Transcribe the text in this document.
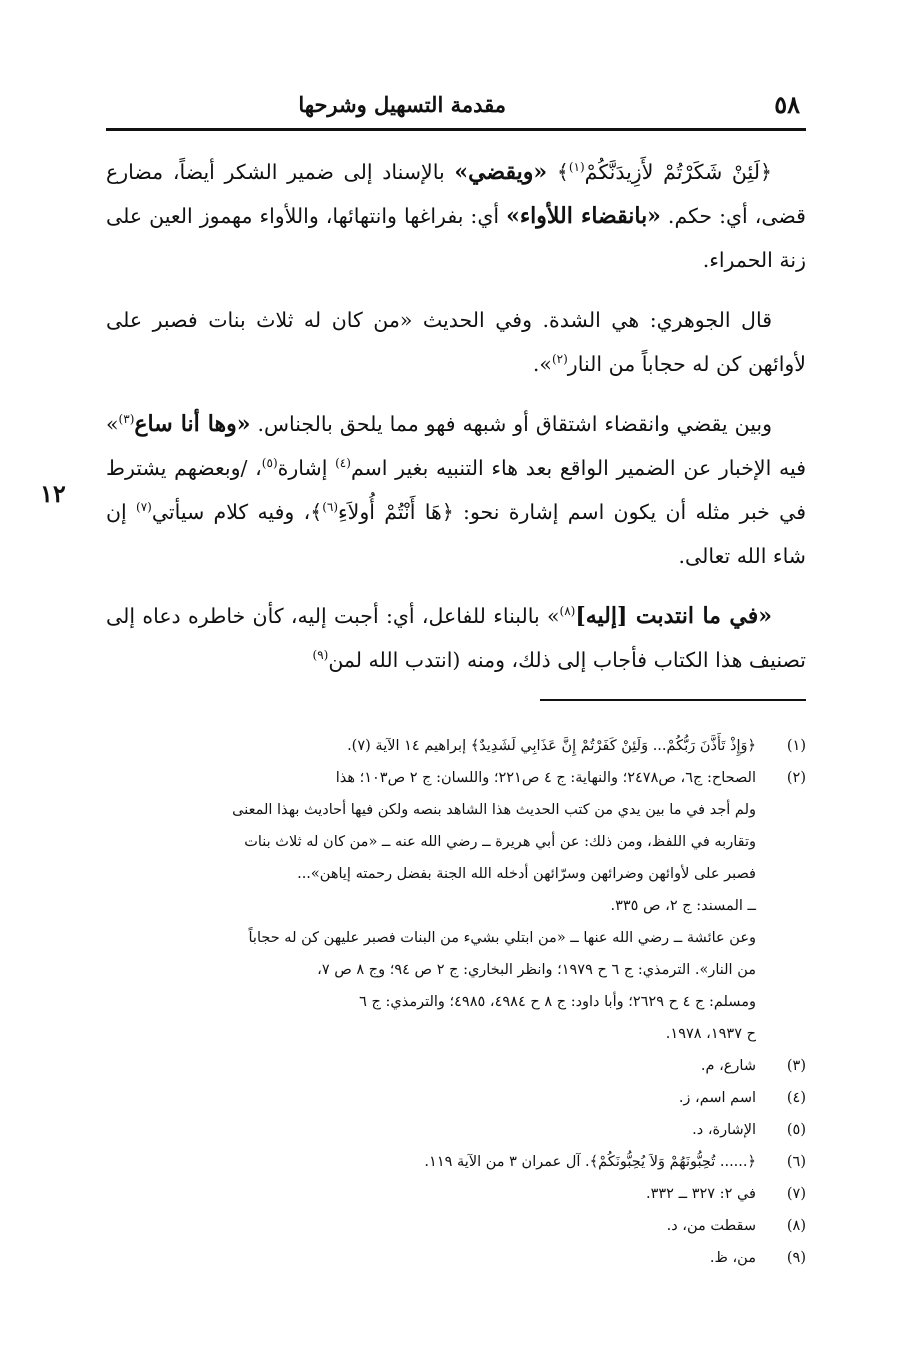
٥٨
مقدمة التسهيل وشرحها
١٢

﴿لَئِنْ شَكَرْتُمْ لأَزِيدَنَّكُمْ$^{(١)}$﴾ «ويقضي» بالإسناد إلى ضمير الشكر أيضاً، مضارع قضى، أي: حكم. «بانقضاء اللأواء» أي: بفراغها وانتهائها، واللأواء مهموز العين على زنة الحمراء.

قال الجوهري: هي الشدة. وفي الحديث «من كان له ثلاث بنات فصبر على لأوائهن كن له حجاباً من النار$^{(٢)}$».

وبين يقضي وانقضاء اشتقاق أو شبهه فهو مما يلحق بالجناس. «وها أنا ساع$^{(٣)}$» فيه الإخبار عن الضمير الواقع بعد هاء التنبيه بغير اسم$^{(٤)}$ إشارة$^{(٥)}$، /وبعضهم يشترط في خبر مثله أن يكون اسم إشارة نحو: ﴿هَا أَنْتُمْ أُولاَءِ$^{(٦)}$﴾، وفيه كلام سيأتي$^{(٧)}$ إن شاء الله تعالى.

«في ما انتدبت [إليه]$^{(٨)}$» بالبناء للفاعل، أي: أجبت إليه، كأن خاطره دعاه إلى تصنيف هذا الكتاب فأجاب إلى ذلك، ومنه (انتدب الله لمن$^{(٩)}$

(١)
﴿وَإِذْ تَأَذَّنَ رَبُّكُمْ... وَلَئِنْ كَفَرْتُمْ إِنَّ عَذَابِي لَشَدِيدٌ﴾ إبراهيم ١٤ الآية (٧).
(٢)
الصحاح: ج٦، ص٢٤٧٨؛ والنهاية: ج ٤ ص٢٢١؛ واللسان: ج ٢ ص١٠٣؛ هذا
ولم أجد في ما بين يدي من كتب الحديث هذا الشاهد بنصه ولكن فيها أحاديث بهذا المعنى
وتقاربه في اللفظ، ومن ذلك: عن أبي هريرة ــ رضي الله عنه ــ «من كان له ثلاث بنات
فصبر على لأوائهن وضرائهن وسرّائهن أدخله الله الجنة بفضل رحمته إياهن»...
ــ المسند: ج ٢، ص ٣٣٥.
وعن عائشة ــ رضي الله عنها ــ «من ابتلي بشيء من البنات فصبر عليهن كن له حجاباً
من النار». الترمذي: ج ٦ ح ١٩٧٩؛ وانظر البخاري: ج ٢ ص ٩٤؛ وج ٨ ص ٧،
ومسلم: ج ٤ ح ٢٦٢٩؛ وأبا داود: ج ٨ ح ٤٩٨٤، ٤٩٨٥؛ والترمذي: ج ٦
ح ١٩٣٧، ١٩٧٨.
(٣)
شارع، م.
(٤)
اسم اسم، ز.
(٥)
الإشارة، د.
(٦)
﴿...... تُحِبُّونَهُمْ وَلاَ يُحِبُّونَكُمْ﴾. آل عمران ٣ من الآية ١١٩.
(٧)
في ٢: ٣٢٧ ــ ٣٣٢.
(٨)
سقطت من، د.
(٩)
من، ظ.
